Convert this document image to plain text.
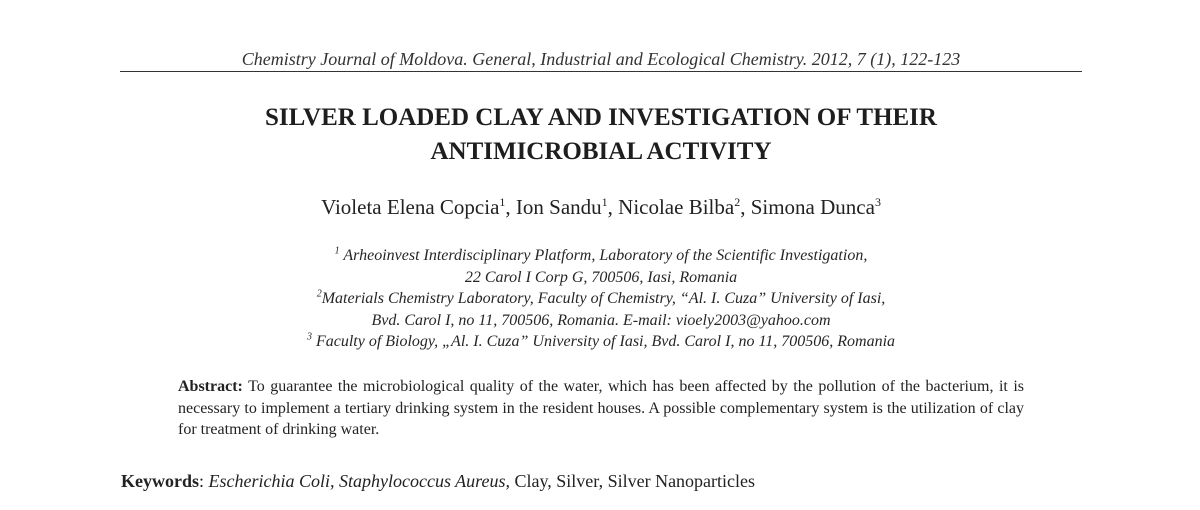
Chemistry Journal of Moldova. General, Industrial and Ecological Chemistry. 2012, 7 (1), 122-123
SILVER LOADED CLAY AND INVESTIGATION OF THEIR
ANTIMICROBIAL ACTIVITY
Violeta Elena Copcia$^1$, Ion Sandu$^1$, Nicolae Bilba$^2$, Simona Dunca$^3$
$^1$ Arheoinvest Interdisciplinary Platform, Laboratory of the Scientific Investigation,
22 Carol I Corp G, 700506, Iasi, Romania
$^2$Materials Chemistry Laboratory, Faculty of Chemistry, “Al. I. Cuza” University of Iasi,
Bvd. Carol I, no 11, 700506, Romania. E-mail: vioely2003@yahoo.com
$^3$ Faculty of Biology, „Al. I. Cuza” University of Iasi, Bvd. Carol I, no 11, 700506, Romania
Abstract: To guarantee the microbiological quality of the water, which has been affected by the pollution of the bacterium, it is necessary to implement a tertiary drinking system in the resident houses. A possible complementary system is the utilization of clay for treatment of drinking water.
Keywords: Escherichia Coli, Staphylococcus Aureus, Clay, Silver, Silver Nanoparticles
